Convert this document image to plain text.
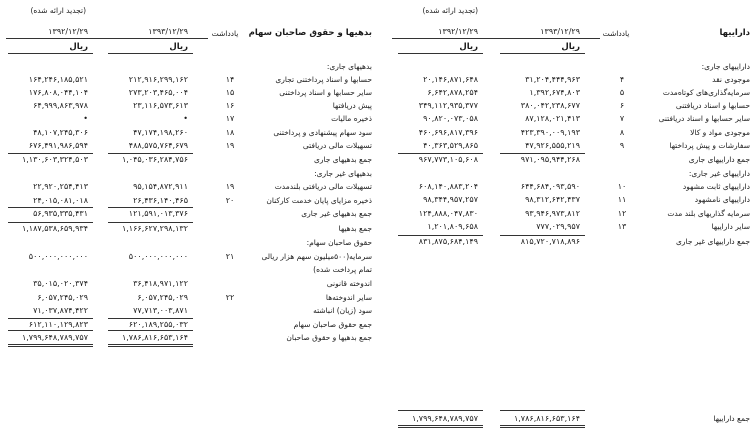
(تجدید ارائه شده)
داراییها
یادداشت
۱۳۹۳/۱۲/۲۹
۱۳۹۲/۱۲/۲۹
ریال
ریال
داراییهای جاری:
موجودی نقد
۴
۳۱,۲۰۴,۴۴۴,۹۶۳
۲۰,۱۴۶,۸۷۱,۶۴۸
سرمایه‌گذاری‌های کوتاه‌مدت
۵
۱,۳۹۲,۶۷۴,۸۰۳
۶,۶۴۲,۸۷۸,۲۵۴
حسابها و اسناد دریافتنی
۶
۳۸۰,۰۴۲,۲۳۸,۶۷۷
۳۴۹,۱۱۲,۹۳۵,۳۷۷
سایر حسابها و اسناد دریافتنی
۷
۸۷,۱۲۸,۰۲۱,۴۱۳
۹۰,۸۲۰,۰۷۳,۰۵۸
موجودی مواد و کالا
۸
۴۲۳,۳۹۰,۰۰۹,۱۹۳
۴۶۰,۶۹۶,۸۱۷,۳۹۶
سفارشات و پیش پرداختها
۹
۴۷,۹۲۶,۵۵۵,۲۱۹
۴۰,۳۶۳,۵۲۹,۸۶۵
جمع داراییهای جاری
۹۷۱,۰۹۵,۹۴۴,۲۶۸
۹۶۷,۷۷۳,۱۰۵,۶۰۸
داراییهای غیر جاری:
داراییهای ثابت مشهود
۱۰
۶۴۴,۶۸۴,۰۹۳,۵۹۰
۶۰۸,۱۴۰,۸۸۳,۲۰۴
داراییهای نامشهود
۱۱
۹۸,۳۱۲,۶۴۲,۴۳۷
۹۸,۳۴۴,۹۵۷,۲۵۷
سرمایه گذاریهای بلند مدت
۱۲
۹۳,۹۴۶,۹۷۳,۸۱۲
۱۲۴,۸۸۸,۰۴۷,۸۳۰
سایر داراییها
۱۳
۷۷۷,۰۲۹,۹۵۷
۱,۲۰۱,۸۰۹,۶۵۸
جمع داراییهای غیر جاری
۸۱۵,۷۲۰,۷۱۸,۸۹۶
۸۳۱,۸۷۵,۶۸۴,۱۴۹
جمع داراییها
۱,۷۸۶,۸۱۶,۶۵۳,۱۶۴
۱,۷۹۹,۶۴۸,۷۸۹,۷۵۷
(تجدید ارائه شده)
بدهیها و حقوق صاحبان سهام
یادداشت
۱۳۹۳/۱۲/۲۹
۱۳۹۲/۱۲/۲۹
ریال
ریال
بدهیهای جاری:
حسابها و اسناد پرداختنی تجاری
۱۴
۲۱۲,۹۱۶,۲۹۹,۱۶۲
۱۶۴,۲۴۶,۱۸۵,۵۲۱
سایر حسابها و اسناد پرداختنی
۱۵
۲۷۳,۲۰۳,۴۶۵,۰۰۴
۱۷۶,۸۰۸,۰۴۴,۱۰۴
پیش دریافتها
۱۶
۲۳,۱۱۶,۵۷۳,۶۱۳
۶۴,۹۹۹,۸۶۳,۹۷۸
ذخیره مالیات
۱۷
•
•
سود سهام پیشنهادی و پرداختنی
۱۸
۴۷,۱۷۴,۱۹۸,۲۶۰
۴۸,۱۰۷,۲۴۵,۳۰۶
تسهیلات مالی دریافتی
۱۹
۴۸۸,۵۷۵,۷۶۴,۶۷۹
۶۷۶,۴۹۱,۹۸۶,۵۹۴
جمع بدهیهای جاری
۱,۰۴۵,۰۳۶,۲۸۴,۷۵۶
۱,۱۳۰,۶۰۳,۳۲۴,۵۰۳
بدهیهای غیر جاری:
تسهیلات مالی دریافتی بلندمدت
۱۹
۹۵,۱۵۴,۸۷۲,۹۱۱
۲۲,۹۲۰,۲۵۴,۴۱۳
ذخیره مزایای پایان خدمت کارکنان
۲۰
۲۶,۴۳۶,۱۴۰,۴۶۵
۲۴,۰۱۵,۰۸۱,۰۱۸
جمع بدهیهای غیر جاری
۱۲۱,۵۹۱,۰۱۳,۳۷۶
۵۶,۹۳۵,۳۳۵,۴۳۱
جمع بدهیها
۱,۱۶۶,۶۲۷,۲۹۸,۱۳۲
۱,۱۸۷,۵۳۸,۶۵۹,۹۳۴
حقوق صاحبان سهام:
سرمایه(۵۰۰میلیون سهم هزار ریالی
۲۱
۵۰۰,۰۰۰,۰۰۰,۰۰۰
۵۰۰,۰۰۰,۰۰۰,۰۰۰
تمام پرداخت شده)
اندوخته قانونی
۳۶,۴۱۸,۹۷۱,۱۲۲
۳۵,۰۱۵,۰۲۰,۳۷۴
سایر اندوخته‌ها
۲۲
۶,۰۵۷,۲۴۵,۰۲۹
۶,۰۵۷,۲۴۵,۰۲۹
سود (زیان) انباشته
۷۷,۷۱۳,۰۰۳,۸۷۱
۷۱,۰۳۷,۸۷۴,۴۲۲
جمع حقوق صاحبان سهام
۶۲۰,۱۸۹,۲۵۵,۰۳۲
۶۱۲,۱۱۰,۱۲۹,۸۲۳
جمع بدهیها و حقوق صاحبان
۱,۷۸۶,۸۱۶,۶۵۳,۱۶۴
۱,۷۹۹,۶۴۸,۷۸۹,۷۵۷
